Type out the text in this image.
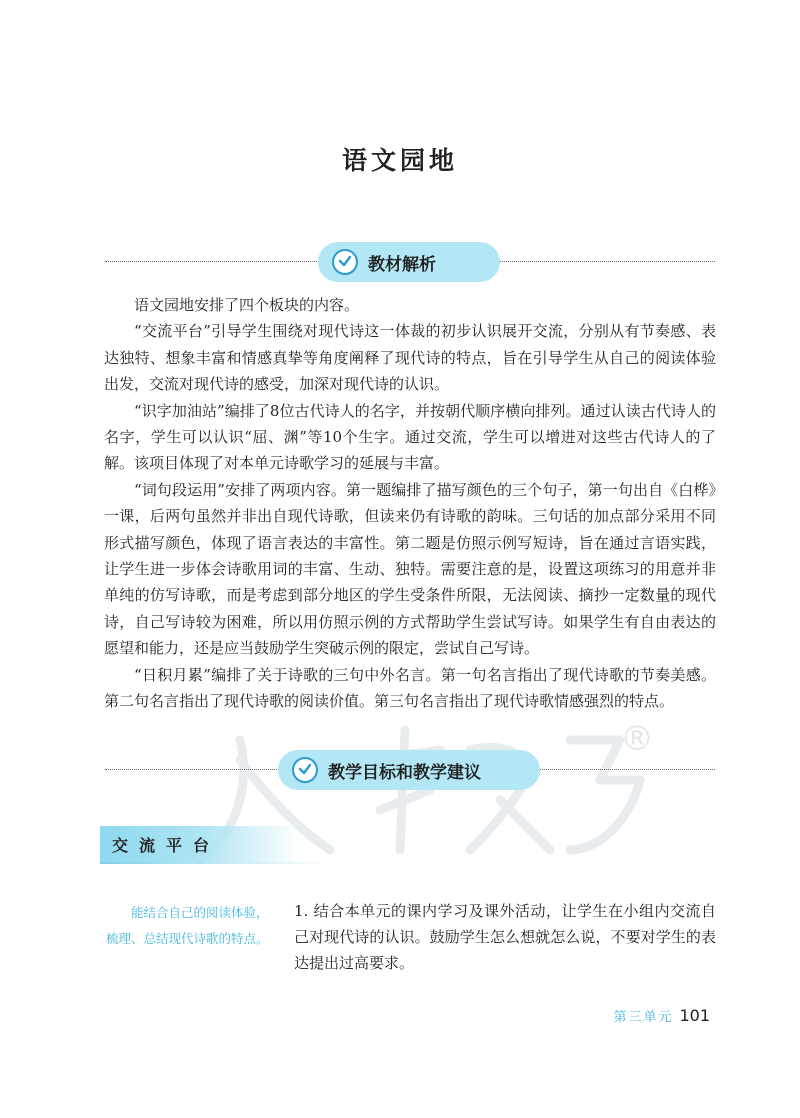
®
语文园地
教材解析

语文园地安排了四个板块的内容。

“交流平台”引导学生围绕对现代诗这一体裁的初步认识展开交流，分别从有节奏感、表达独特、想象丰富和情感真挚等角度阐释了现代诗的特点，旨在引导学生从自己的阅读体验出发，交流对现代诗的感受，加深对现代诗的认识。

“识字加油站”编排了8位古代诗人的名字，并按朝代顺序横向排列。通过认读古代诗人的名字，学生可以认识“屈、渊”等10个生字。通过交流，学生可以增进对这些古代诗人的了解。该项目体现了对本单元诗歌学习的延展与丰富。

“词句段运用”安排了两项内容。第一题编排了描写颜色的三个句子，第一句出自《白桦》一课，后两句虽然并非出自现代诗歌，但读来仍有诗歌的韵味。三句话的加点部分采用不同形式描写颜色，体现了语言表达的丰富性。第二题是仿照示例写短诗，旨在通过言语实践，让学生进一步体会诗歌用词的丰富、生动、独特。需要注意的是，设置这项练习的用意并非单纯的仿写诗歌，而是考虑到部分地区的学生受条件所限，无法阅读、摘抄一定数量的现代诗，自己写诗较为困难，所以用仿照示例的方式帮助学生尝试写诗。如果学生有自由表达的愿望和能力，还是应当鼓励学生突破示例的限定，尝试自己写诗。

“日积月累”编排了关于诗歌的三句中外名言。第一句名言指出了现代诗歌的节奏美感。第二句名言指出了现代诗歌的阅读价值。第三句名言指出了现代诗歌情感强烈的特点。

教学目标和教学建议
交流平台
能结合自己的阅读体验，梳理、总结现代诗歌的特点。
1. 结合本单元的课内学习及课外活动，让学生在小组内交流自己对现代诗的认识。鼓励学生怎么想就怎么说，不要对学生的表达提出过高要求。
第三单元 101
